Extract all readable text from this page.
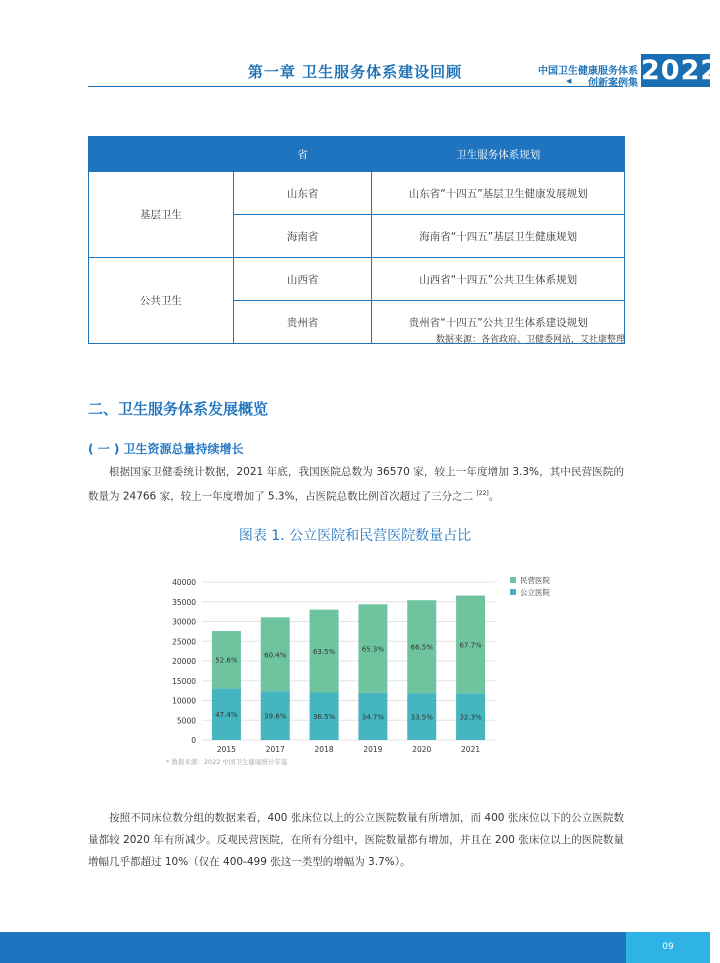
第一章 卫生服务体系建设回顾	中国卫生健康服务体系
◀	创新案例集 2022
	省	卫生服务体系规划
基层卫生	山东省	山东省“十四五”基层卫生健康发展规划
	海南省	海南省“十四五”基层卫生健康规划
公共卫生	山西省	山西省“十四五”公共卫生体系规划
	贵州省	贵州省“十四五”公共卫生体系建设规划
数据来源：各省政府、卫健委网站，艾社康整理
二、卫生服务体系发展概览
( 一 ) 卫生资源总量持续增长
根据国家卫健委统计数据，2021 年底，我国医院总数为 36570 家，较上一年度增加 3.3%，其中民营医院的数量为 24766 家，较上一年度增加了 5.3%，占医院总数比例首次超过了三分之二 [22]。
图表 1. 公立医院和民营医院数量占比
0
5000
10000
15000
20000
25000
30000
35000
40000
47.4%
52.6%
2015
39.6%
60.4%
2017
36.5%
63.5%
2018
34.7%
65.3%
2019
33.5%
66.5%
2020
32.3%
67.7%
2021
民营医院
公立医院
* 数据来源：2022 中国卫生健康统计年鉴
按照不同床位数分组的数据来看，400 张床位以上的公立医院数量有所增加，而 400 张床位以下的公立医院数量都较 2020 年有所减少。反观民营医院，在所有分组中，医院数量都有增加，并且在 200 张床位以上的医院数量增幅几乎都超过 10%（仅在 400-499 张这一类型的增幅为 3.7%）。
09
